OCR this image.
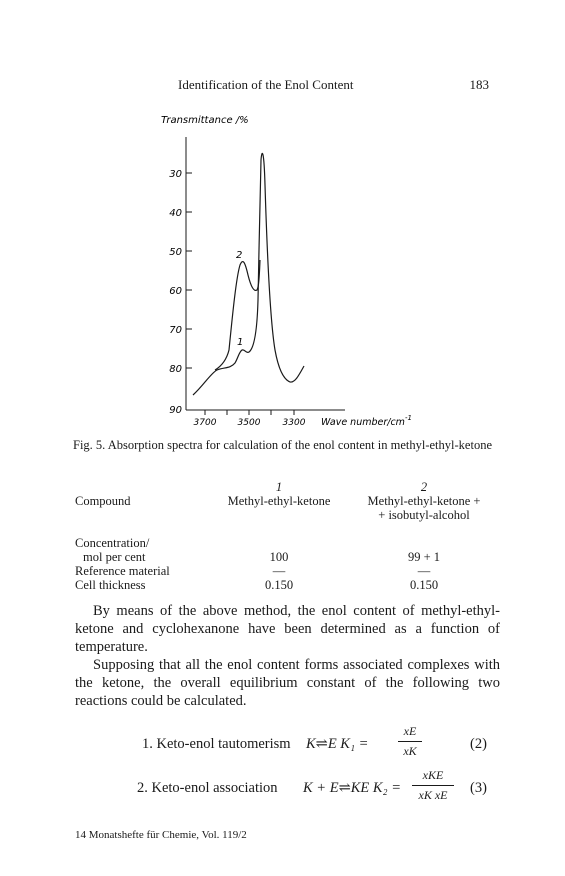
Identification of the Enol Content	183
Transmittance /%
30
40
50
60
70
80
90
3700 3500 3300 Wave number/$cm^{-1}$
2
1
Fig. 5. Absorption spectra for calculation of the enol content in methyl-ethyl-ketone
	1	2
Compound	Methyl-ethyl-ketone	Methyl-ethyl-ketone +
		+ isobutyl-alcohol

Concentration/		
mol per cent	100	99 + 1
Reference material	—	—
Cell thickness	0.150	0.150

By means of the above method, the enol content of methyl-ethyl-ketone and cyclohexanone have been determined as a function of temperature.

Supposing that all the enol content forms associated complexes with the ketone, the overall equilibrium constant of the following two reactions could be calculated.

1. Keto-enol tautomerism K⇌E K₁ =
xE
xK	(2)
2. Keto-enol association K + E⇌KE K₂ =
xKE
xK xE	(3)
14 Monatshefte für Chemie, Vol. 119/2
